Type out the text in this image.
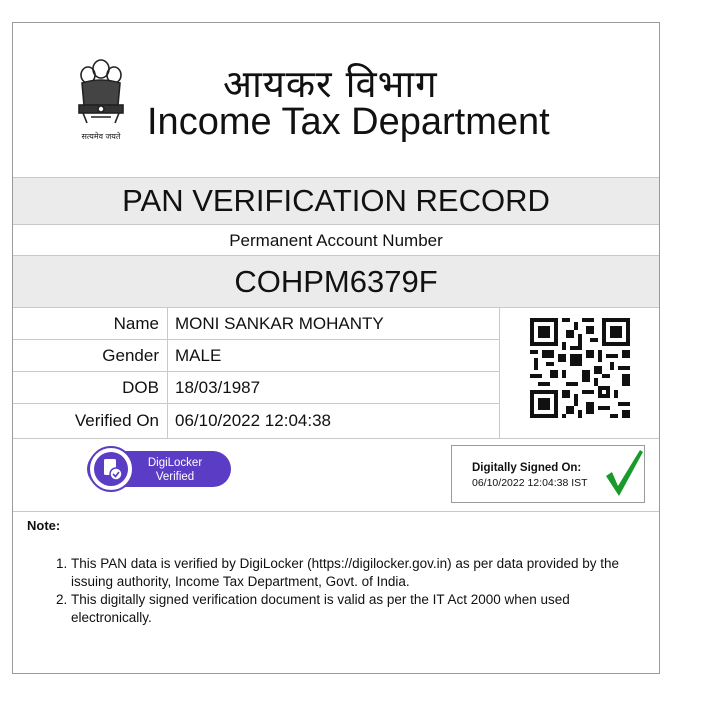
सत्यमेव जयते
आयकर विभाग
Income Tax Department
PAN VERIFICATION RECORD
Permanent Account Number
COHPM6379F
Name MONI SANKAR MOHANTY
Gender MALE
DOB 18/03/1987
Verified On 06/10/2022 12:04:38
DigiLocker
Verified
Digitally Signed On:
06/10/2022 12:04:38 IST
Note:
1. This PAN data is verified by DigiLocker (https://digilocker.gov.in) as per data provided by the issuing authority, Income Tax Department, Govt. of India.
2. This digitally signed verification document is valid as per the IT Act 2000 when used electronically.
